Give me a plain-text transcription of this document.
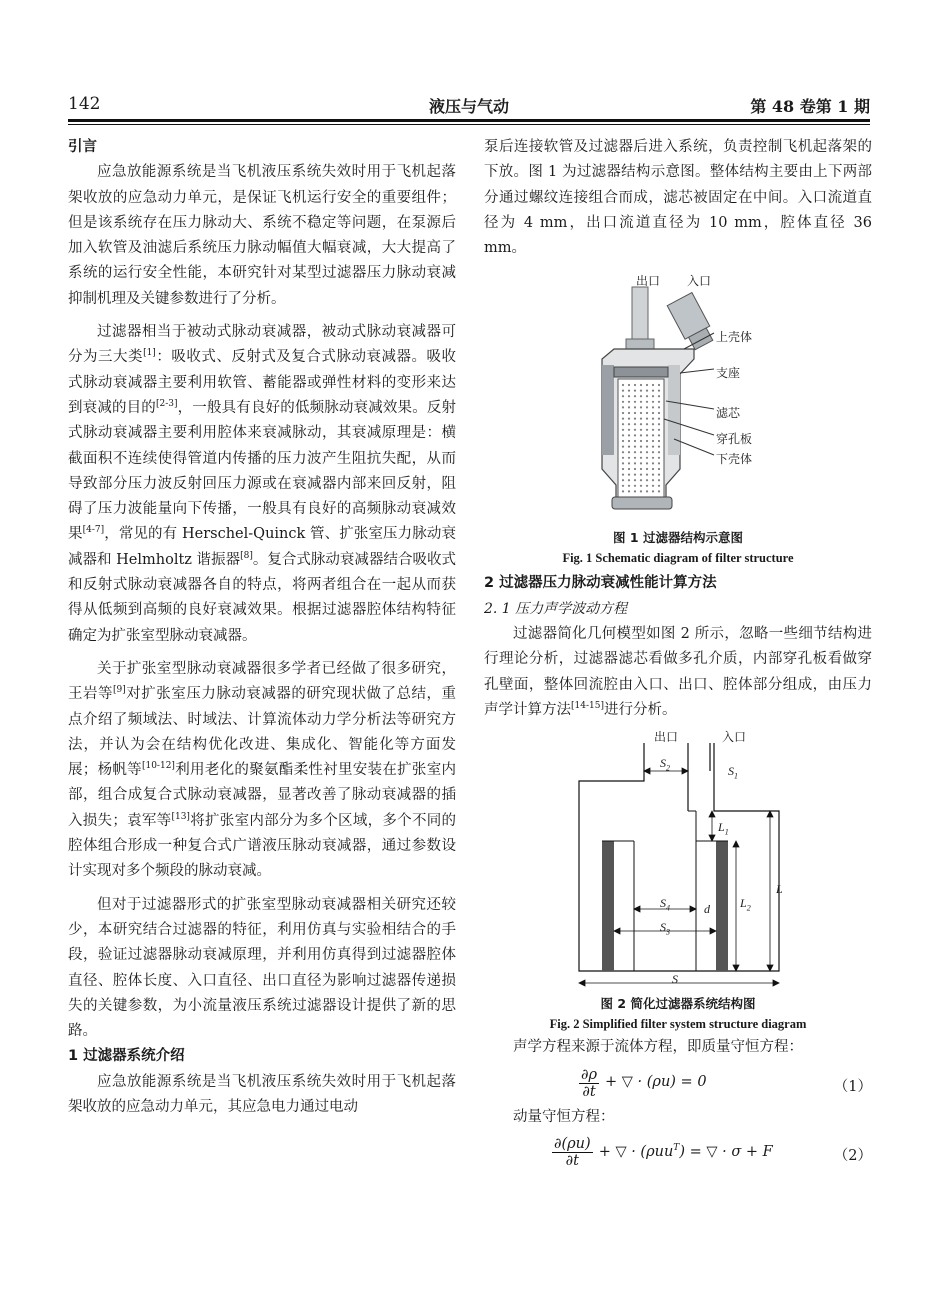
142	液压与气动	第 48 卷第 1 期

引言

应急放能源系统是当飞机液压系统失效时用于飞机起落架收放的应急动力单元，是保证飞机运行安全的重要组件；但是该系统存在压力脉动大、系统不稳定等问题，在泵源后加入软管及油滤后系统压力脉动幅值大幅衰减，大大提高了系统的运行安全性能，本研究针对某型过滤器压力脉动衰减抑制机理及关键参数进行了分析。

过滤器相当于被动式脉动衰减器，被动式脉动衰减器可分为三大类[1]：吸收式、反射式及复合式脉动衰减器。吸收式脉动衰减器主要利用软管、蓄能器或弹性材料的变形来达到衰减的目的[2-3]，一般具有良好的低频脉动衰减效果。反射式脉动衰减器主要利用腔体来衰减脉动，其衰减原理是：横截面积不连续使得管道内传播的压力波产生阻抗失配，从而导致部分压力波反射回压力源或在衰减器内部来回反射，阻碍了压力波能量向下传播，一般具有良好的高频脉动衰减效果[4-7]，常见的有 Herschel-Quinck 管、扩张室压力脉动衰减器和 Helmholtz 谐振器[8]。复合式脉动衰减器结合吸收式和反射式脉动衰减器各自的特点，将两者组合在一起从而获得从低频到高频的良好衰减效果。根据过滤器腔体结构特征确定为扩张室型脉动衰减器。

关于扩张室型脉动衰减器很多学者已经做了很多研究，王岩等[9]对扩张室压力脉动衰减器的研究现状做了总结，重点介绍了频域法、时域法、计算流体动力学分析法等研究方法，并认为会在结构优化改进、集成化、智能化等方面发展；杨帆等[10-12]利用老化的聚氨酯柔性衬里安装在扩张室内部，组合成复合式脉动衰减器，显著改善了脉动衰减器的插入损失；袁军等[13]将扩张室内部分为多个区域，多个不同的腔体组合形成一种复合式广谱液压脉动衰减器，通过参数设计实现对多个频段的脉动衰减。

但对于过滤器形式的扩张室型脉动衰减器相关研究还较少，本研究结合过滤器的特征，利用仿真与实验相结合的手段，验证过滤器脉动衰减原理，并利用仿真得到过滤器腔体直径、腔体长度、入口直径、出口直径为影响过滤器传递损失的关键参数，为小流量液压系统过滤器设计提供了新的思路。

1 过滤器系统介绍

应急放能源系统是当飞机液压系统失效时用于飞机起落架收放的应急动力单元，其应急电力通过电动

泵后连接软管及过滤器后进入系统，负责控制飞机起落架的下放。图 1 为过滤器结构示意图。整体结构主要由上下两部分通过螺纹连接组合而成，滤芯被固定在中间。入口流道直径为 4 mm，出口流道直径为 10 mm，腔体直径 36 mm。

出口 入口
上壳体
支座
滤芯
穿孔板
下壳体
图 1 过滤器结构示意图
Fig. 1 Schematic diagram of filter structure

2 过滤器压力脉动衰减性能计算方法

2. 1 压力声学波动方程

过滤器简化几何模型如图 2 所示，忽略一些细节结构进行理论分析，过滤器滤芯看做多孔介质，内部穿孔板看做穿孔壁面，整体回流腔由入口、出口、腔体部分组成，由压力声学计算方法[14-15]进行分析。

出口	入口
$S_2$	$S_1$
$L_1$
L
$L_2$
d
$S_4$
$S_3$
S
图 2 简化过滤器系统结构图
Fig. 2 Simplified filter system structure diagram

声学方程来源于流体方程，即质量守恒方程：

$\frac{\partial\rho}{\partial t}$ + ▽ · (ρu) = 0	（1）

动量守恒方程：

$\frac{\partial(\rho u)}{\partial t}$ + ▽ · (ρuu$^T$) = ▽ · σ + F	（2）
